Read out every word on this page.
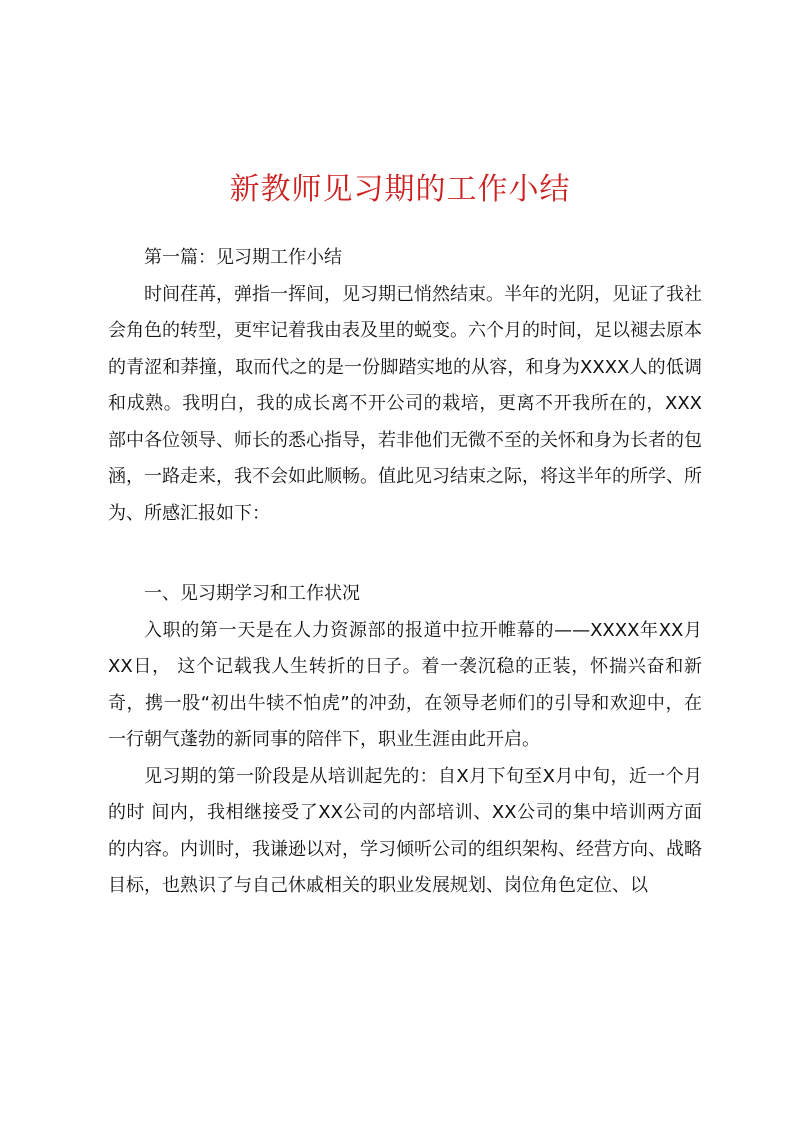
新教师见习期的工作小结

第一篇：见习期工作小结

时间荏苒，弹指一挥间，见习期已悄然结束。半年的光阴，见证了我社会角色的转型，更牢记着我由表及里的蜕变。六个月的时间，足以褪去原本的青涩和莽撞，取而代之的是一份脚踏实地的从容，和身为XXXX人的低调和成熟。我明白，我的成长离不开公司的栽培，更离不开我所在的，XXX部中各位领导、师长的悉心指导，若非他们无微不至的关怀和身为长者的包涵，一路走来，我不会如此顺畅。值此见习结束之际，将这半年的所学、所为、所感汇报如下：

一、见习期学习和工作状况

入职的第一天是在人力资源部的报道中拉开帷幕的——XXXX年XX月XX日， 这个记载我人生转折的日子。着一袭沉稳的正装，怀揣兴奋和新奇，携一股“初出牛犊不怕虎”的冲劲，在领导老师们的引导和欢迎中，在一行朝气蓬勃的新同事的陪伴下，职业生涯由此开启。

见习期的第一阶段是从培训起先的：自X月下旬至X月中旬，近一个月的时 间内，我相继接受了XX公司的内部培训、XX公司的集中培训两方面的内容。内训时，我谦逊以对，学习倾听公司的组织架构、经营方向、战略目标，也熟识了与自己休戚相关的职业发展规划、岗位角色定位、以
